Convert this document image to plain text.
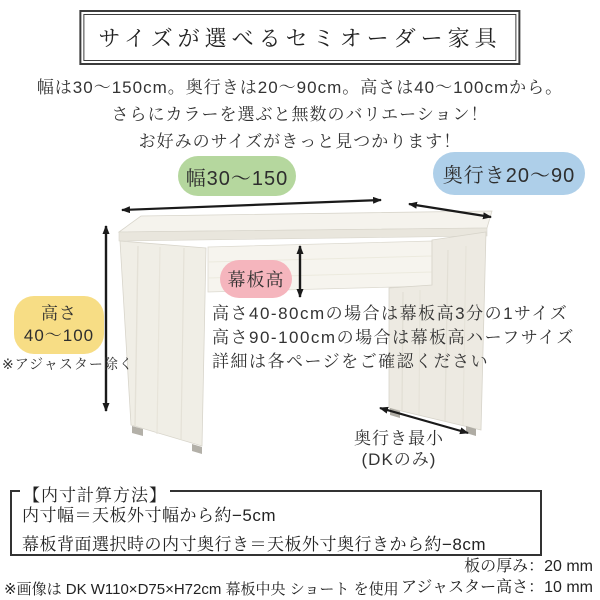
サイズが選べるセミオーダー家具
幅は30〜150cm。奥行きは20〜90cm。高さは40〜100cmから。
さらにカラーを選ぶと無数のバリエーション！
お好みのサイズがきっと見つかります！
幅30〜150	奥行き20〜90
幕板高
高さ
40〜100
※アジャスター除く
高さ40-80cmの場合は幕板高3分の1サイズ
高さ90-100cmの場合は幕板高ハーフサイズ
詳細は各ページをご確認ください
奥行き最小
(DKのみ)
【内寸計算方法】

内寸幅＝天板外寸幅から約−5cm

幕板背面選択時の内寸奥行き＝天板外寸奥行きから約−8cm

板の厚み：20 mm
アジャスター高さ：10 mm
※画像は DK W110×D75×H72cm 幕板中央 ショート を使用
